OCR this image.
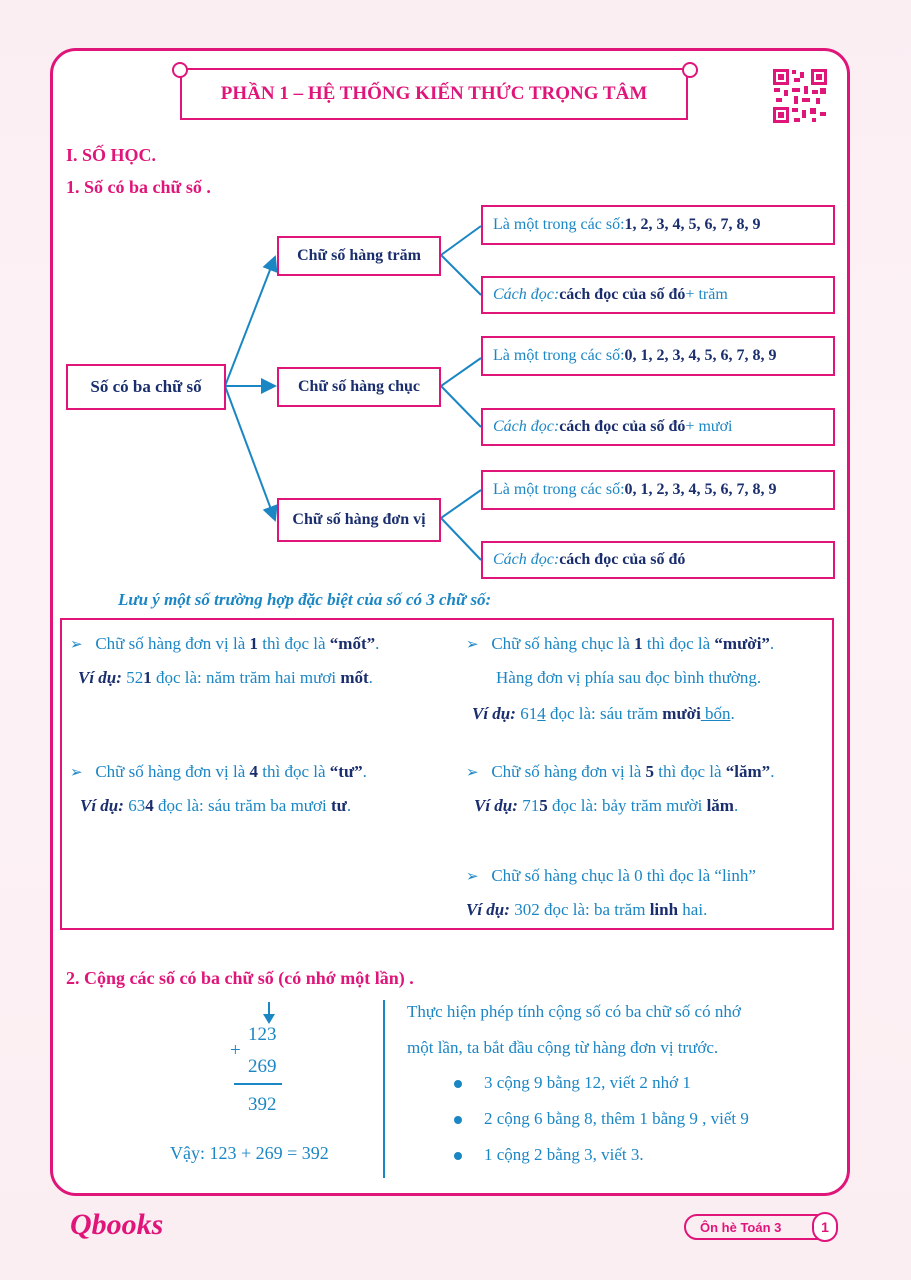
PHẦN 1 – HỆ THỐNG KIẾN THỨC TRỌNG TÂM
I. SỐ HỌC.
1. Số có ba chữ số .
Số có ba chữ số
Chữ số hàng trăm
Chữ số hàng chục
Chữ số hàng đơn vị
Là một trong các số: 1, 2, 3, 4, 5, 6, 7, 8, 9
Cách đọc: cách đọc của số đó + trăm
Là một trong các số: 0, 1, 2, 3, 4, 5, 6, 7, 8, 9
Cách đọc: cách đọc của số đó + mươi
Là một trong các số: 0, 1, 2, 3, 4, 5, 6, 7, 8, 9
Cách đọc: cách đọc của số đó
Lưu ý một số trường hợp đặc biệt của số có 3 chữ số:
➢ Chữ số hàng đơn vị là 1 thì đọc là “mốt”.
Ví dụ: 521 đọc là: năm trăm hai mươi mốt.
➢ Chữ số hàng chục là 1 thì đọc là “mười”.
Hàng đơn vị phía sau đọc bình thường.
Ví dụ: 614 đọc là: sáu trăm mười bốn.
➢ Chữ số hàng đơn vị là 4 thì đọc là “tư”.
Ví dụ: 634 đọc là: sáu trăm ba mươi tư.
➢ Chữ số hàng đơn vị là 5 thì đọc là “lăm”.
Ví dụ: 715 đọc là: bảy trăm mười lăm.
➢ Chữ số hàng chục là 0 thì đọc là “linh”
Ví dụ: 302 đọc là: ba trăm linh hai.
2. Cộng các số có ba chữ số (có nhớ một lần) .
123
+
269
392
Vậy: 123 + 269 = 392
Thực hiện phép tính cộng số có ba chữ số có nhớ
một lần, ta bắt đầu cộng từ hàng đơn vị trước.
3 cộng 9 bằng 12, viết 2 nhớ 1
2 cộng 6 bằng 8, thêm 1 bằng 9 , viết 9
1 cộng 2 bằng 3, viết 3.
Qbooks	Ôn hè Toán 3	1
